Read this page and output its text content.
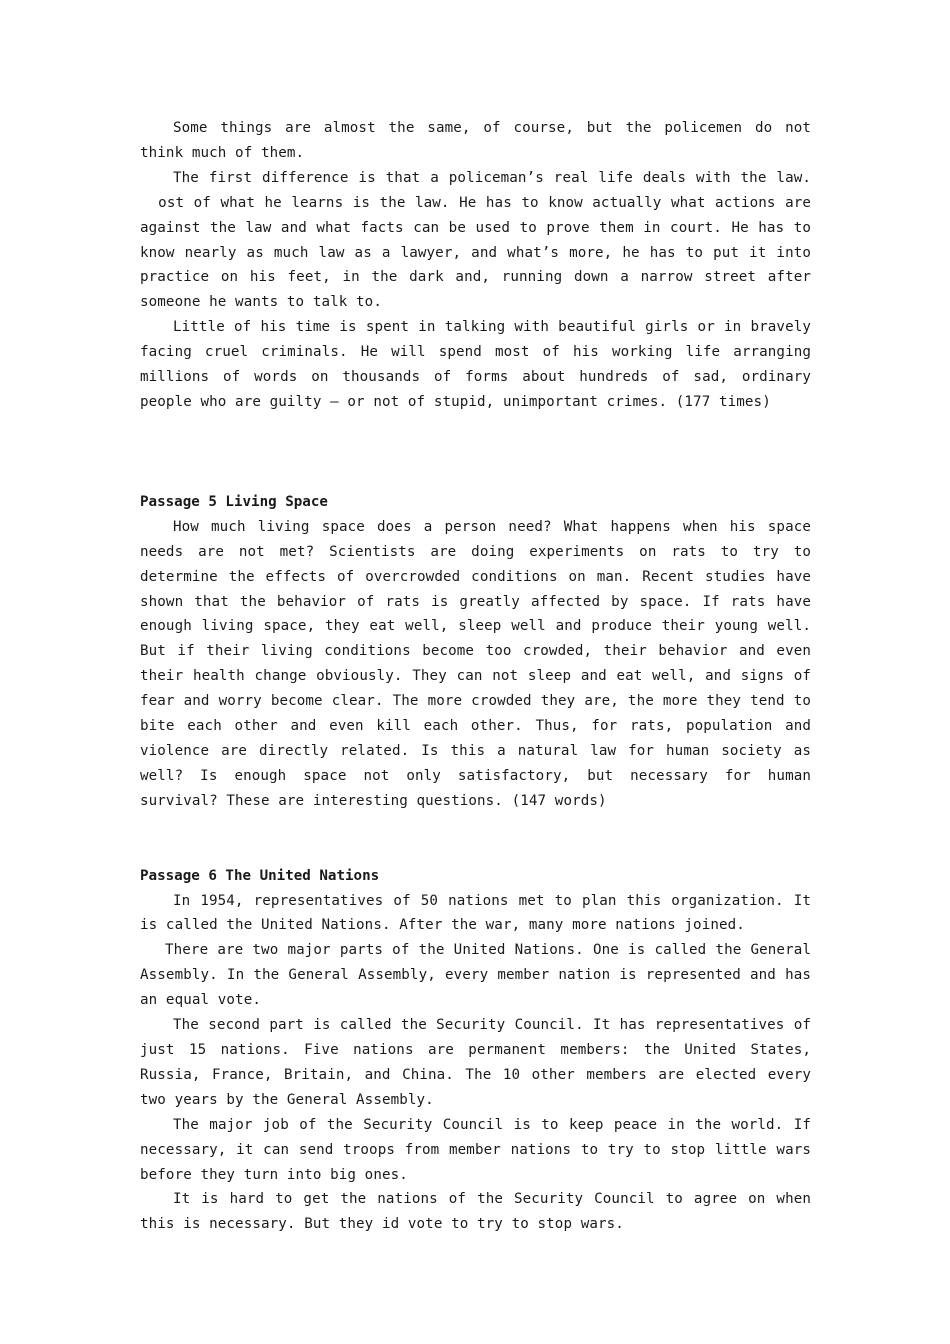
Some things are almost the same, of course, but the policemen do not think much of them.

The first difference is that a policeman’s real life deals with the law.   ost of what he learns is the law. He has to know actually what actions are against the law and what facts can be used to prove them in court. He has to know nearly as much law as a lawyer, and what’s more, he has to put it into practice on his feet, in the dark and, running down a narrow street after someone he wants to talk to.

Little of his time is spent in talking with beautiful girls or in bravely facing cruel criminals. He will spend most of his working life arranging millions of words on thousands of forms about hundreds of sad, ordinary people who are guilty — or not of stupid, unimportant crimes. (177 times)

Passage 5 Living Space

How much living space does a person need? What happens when his space needs are not met? Scientists are doing experiments on rats to try to determine the effects of overcrowded conditions on man. Recent studies have shown that the behavior of rats is greatly affected by space. If rats have enough living space, they eat well, sleep well and produce their young well. But if their living conditions become too crowded, their behavior and even their health change obviously. They can not sleep and eat well, and signs of fear and worry become clear. The more crowded they are, the more they tend to bite each other and even kill each other. Thus, for rats, population and violence are directly related. Is this a natural law for human society as well? Is enough space not only satisfactory, but necessary for human survival? These are interesting questions. (147 words)

Passage 6 The United Nations

In 1954, representatives of 50 nations met to plan this organization. It is called the United Nations. After the war, many more nations joined.

There are two major parts of the United Nations. One is called the General Assembly. In the General Assembly, every member nation is represented and has an equal vote.

The second part is called the Security Council. It has representatives of just 15 nations. Five nations are permanent members: the United States, Russia, France, Britain, and China. The 10 other members are elected every two years by the General Assembly.

The major job of the Security Council is to keep peace in the world. If necessary, it can send troops from member nations to try to stop little wars before they turn into big ones.

It is hard to get the nations of the Security Council to agree on when this is necessary. But they id vote to try to stop wars.
